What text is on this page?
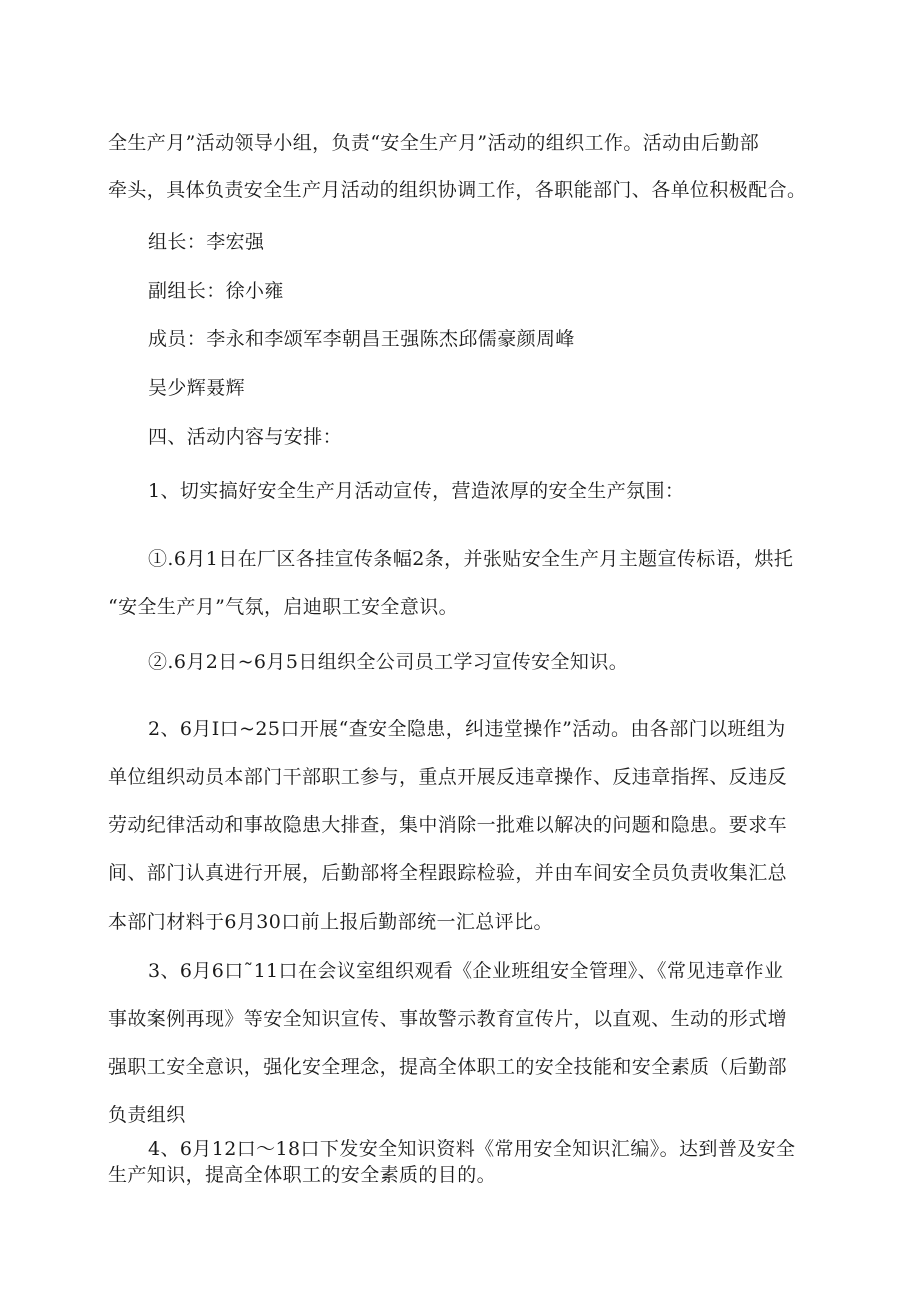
全生产月”活动领导小组，负责“安全生产月”活动的组织工作。活动由后勤部
牵头，具体负责安全生产月活动的组织协调工作，各职能部门、各单位积极配合。
组长：李宏强
副组长：徐小雍
成员：李永和李颂军李朝昌王强陈杰邱儒豪颜周峰
吴少辉聂辉
四、活动内容与安排：
1、切实搞好安全生产月活动宣传，营造浓厚的安全生产氛围：
①.6月1日在厂区各挂宣传条幅2条，并张贴安全生产月主题宣传标语，烘托
“安全生产月”气氛，启迪职工安全意识。
②.6月2日~6月5日组织全公司员工学习宣传安全知识。
2、6月I口~25口开展“查安全隐患，纠违堂操作”活动。由各部门以班组为
单位组织动员本部门干部职工参与，重点开展反违章操作、反违章指挥、反违反
劳动纪律活动和事故隐患大排查，集中消除一批难以解决的问题和隐患。要求车
间、部门认真进行开展，后勤部将全程跟踪检验，并由车间安全员负责收集汇总
本部门材料于6月30口前上报后勤部统一汇总评比。
3、6月6口˜11口在会议室组织观看《企业班组安全管理》、《常见违章作业
事故案例再现》等安全知识宣传、事故警示教育宣传片，以直观、生动的形式增
强职工安全意识，强化安全理念，提高全体职工的安全技能和安全素质（后勤部
负责组织
4、6月12口～18口下发安全知识资料《常用安全知识汇编》。达到普及安全
生产知识，提高全体职工的安全素质的目的。
